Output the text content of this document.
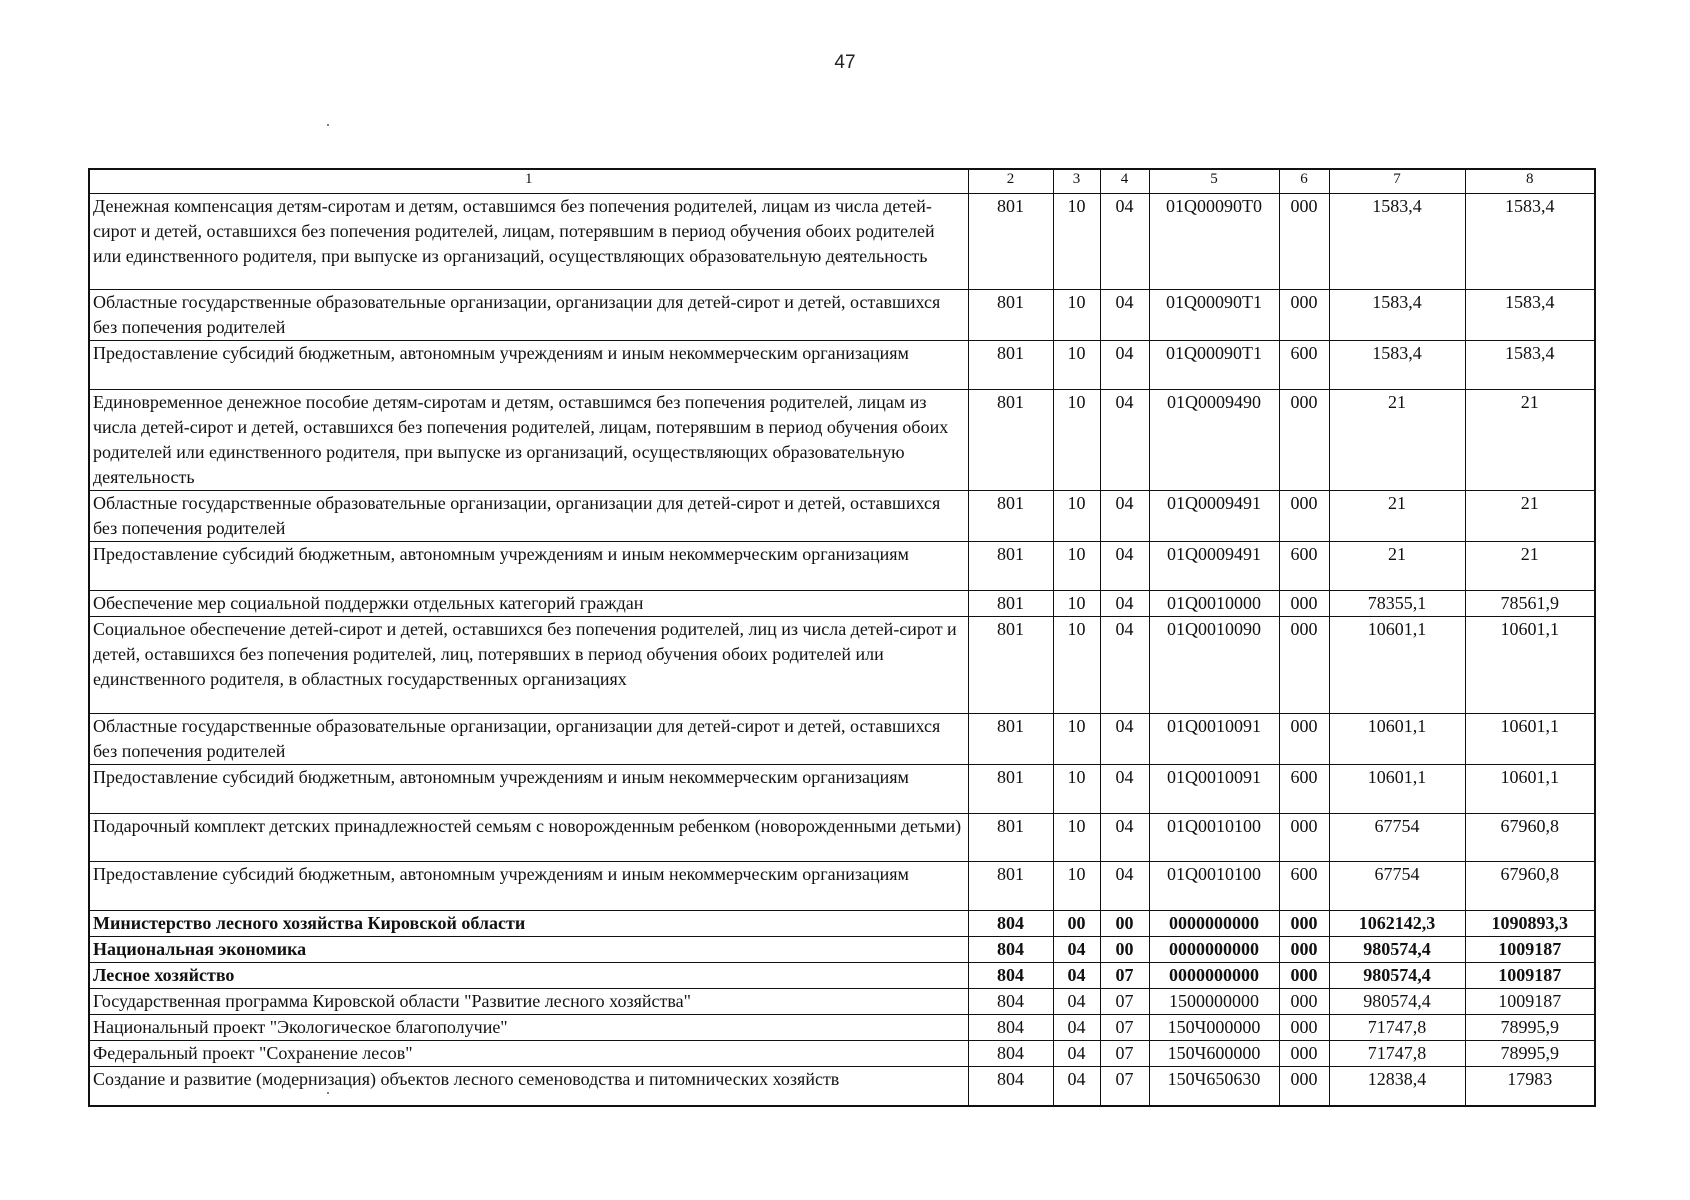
47
1	2	3	4	5	6	7	8
Денежная компенсация детям-сиротам и детям, оставшимся без попечения родителей, лицам из числа детей-сирот и детей, оставшихся без попечения родителей, лицам, потерявшим в период обучения обоих родителей или единственного родителя, при выпуске из организаций, осуществляющих образовательную деятельность	801	10	04	01Q00090T0	000	1583,4	1583,4
Областные государственные образовательные организации, организации для детей-сирот и детей, оставшихся без попечения родителей	801	10	04	01Q00090T1	000	1583,4	1583,4
Предоставление субсидий бюджетным, автономным учреждениям и иным некоммерческим организациям	801	10	04	01Q00090T1	600	1583,4	1583,4
Единовременное денежное пособие детям-сиротам и детям, оставшимся без попечения родителей, лицам из числа детей-сирот и детей, оставшихся без попечения родителей, лицам, потерявшим в период обучения обоих родителей или единственного родителя, при выпуске из организаций, осуществляющих образовательную деятельность	801	10	04	01Q0009490	000	21	21
Областные государственные образовательные организации, организации для детей-сирот и детей, оставшихся без попечения родителей	801	10	04	01Q0009491	000	21	21
Предоставление субсидий бюджетным, автономным учреждениям и иным некоммерческим организациям	801	10	04	01Q0009491	600	21	21
Обеспечение мер социальной поддержки отдельных категорий граждан	801	10	04	01Q0010000	000	78355,1	78561,9
Социальное обеспечение детей-сирот и детей, оставшихся без попечения родителей, лиц из числа детей-сирот и детей, оставшихся без попечения родителей, лиц, потерявших в период обучения обоих родителей или единственного родителя, в областных государственных организациях	801	10	04	01Q0010090	000	10601,1	10601,1
Областные государственные образовательные организации, организации для детей-сирот и детей, оставшихся без попечения родителей	801	10	04	01Q0010091	000	10601,1	10601,1
Предоставление субсидий бюджетным, автономным учреждениям и иным некоммерческим организациям	801	10	04	01Q0010091	600	10601,1	10601,1
Подарочный комплект детских принадлежностей семьям с новорожденным ребенком (новорожденными детьми)	801	10	04	01Q0010100	000	67754	67960,8
Предоставление субсидий бюджетным, автономным учреждениям и иным некоммерческим организациям	801	10	04	01Q0010100	600	67754	67960,8
Министерство лесного хозяйства Кировской области	804	00	00	0000000000	000	1062142,3	1090893,3
Национальная экономика	804	04	00	0000000000	000	980574,4	1009187
Лесное хозяйство	804	04	07	0000000000	000	980574,4	1009187
Государственная программа Кировской области "Развитие лесного хозяйства"	804	04	07	1500000000	000	980574,4	1009187
Национальный проект "Экологическое благополучие"	804	04	07	150Ч000000	000	71747,8	78995,9
Федеральный проект "Сохранение лесов"	804	04	07	150Ч600000	000	71747,8	78995,9
Создание и развитие (модернизация) объектов лесного семеноводства и питомнических хозяйств	804	04	07	150Ч650630	000	12838,4	17983
